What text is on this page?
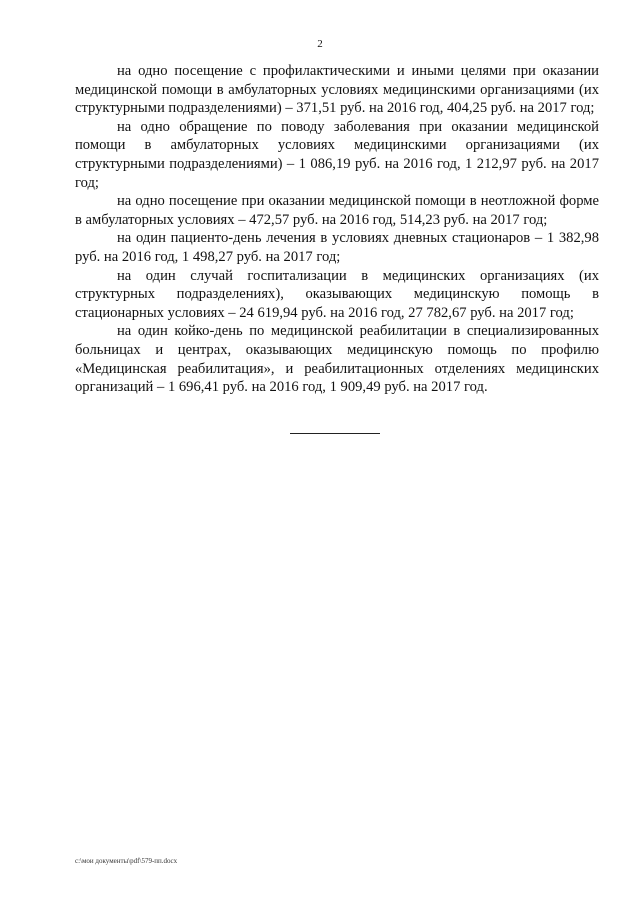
2

на одно посещение с профилактическими и иными целями при оказании медицинской помощи в амбулаторных условиях медицинскими организациями (их структурными подразделениями) – 371,51 руб. на 2016 год, 404,25 руб. на 2017 год;

на одно обращение по поводу заболевания при оказании медицинской помощи в амбулаторных условиях медицинскими организациями (их структурными подразделениями) – 1 086,19 руб. на 2016 год, 1 212,97 руб. на 2017 год;

на одно посещение при оказании медицинской помощи в неотложной форме в амбулаторных условиях – 472,57 руб. на 2016 год, 514,23 руб. на 2017 год;

на один пациенто-день лечения в условиях дневных стационаров – 1 382,98 руб. на 2016 год, 1 498,27 руб. на 2017 год;

на один случай госпитализации в медицинских организациях (их структурных подразделениях), оказывающих медицинскую помощь в стационарных условиях – 24 619,94 руб. на 2016 год, 27 782,67 руб. на 2017 год;

на один койко-день по медицинской реабилитации в специализированных больницах и центрах, оказывающих медицинскую помощь по профилю «Медицинская реабилитация», и реабилитационных отделениях медицинских организаций – 1 696,41 руб. на 2016 год, 1 909,49 руб. на 2017 год.

c:\мои документы\pdf\579-пп.docx
